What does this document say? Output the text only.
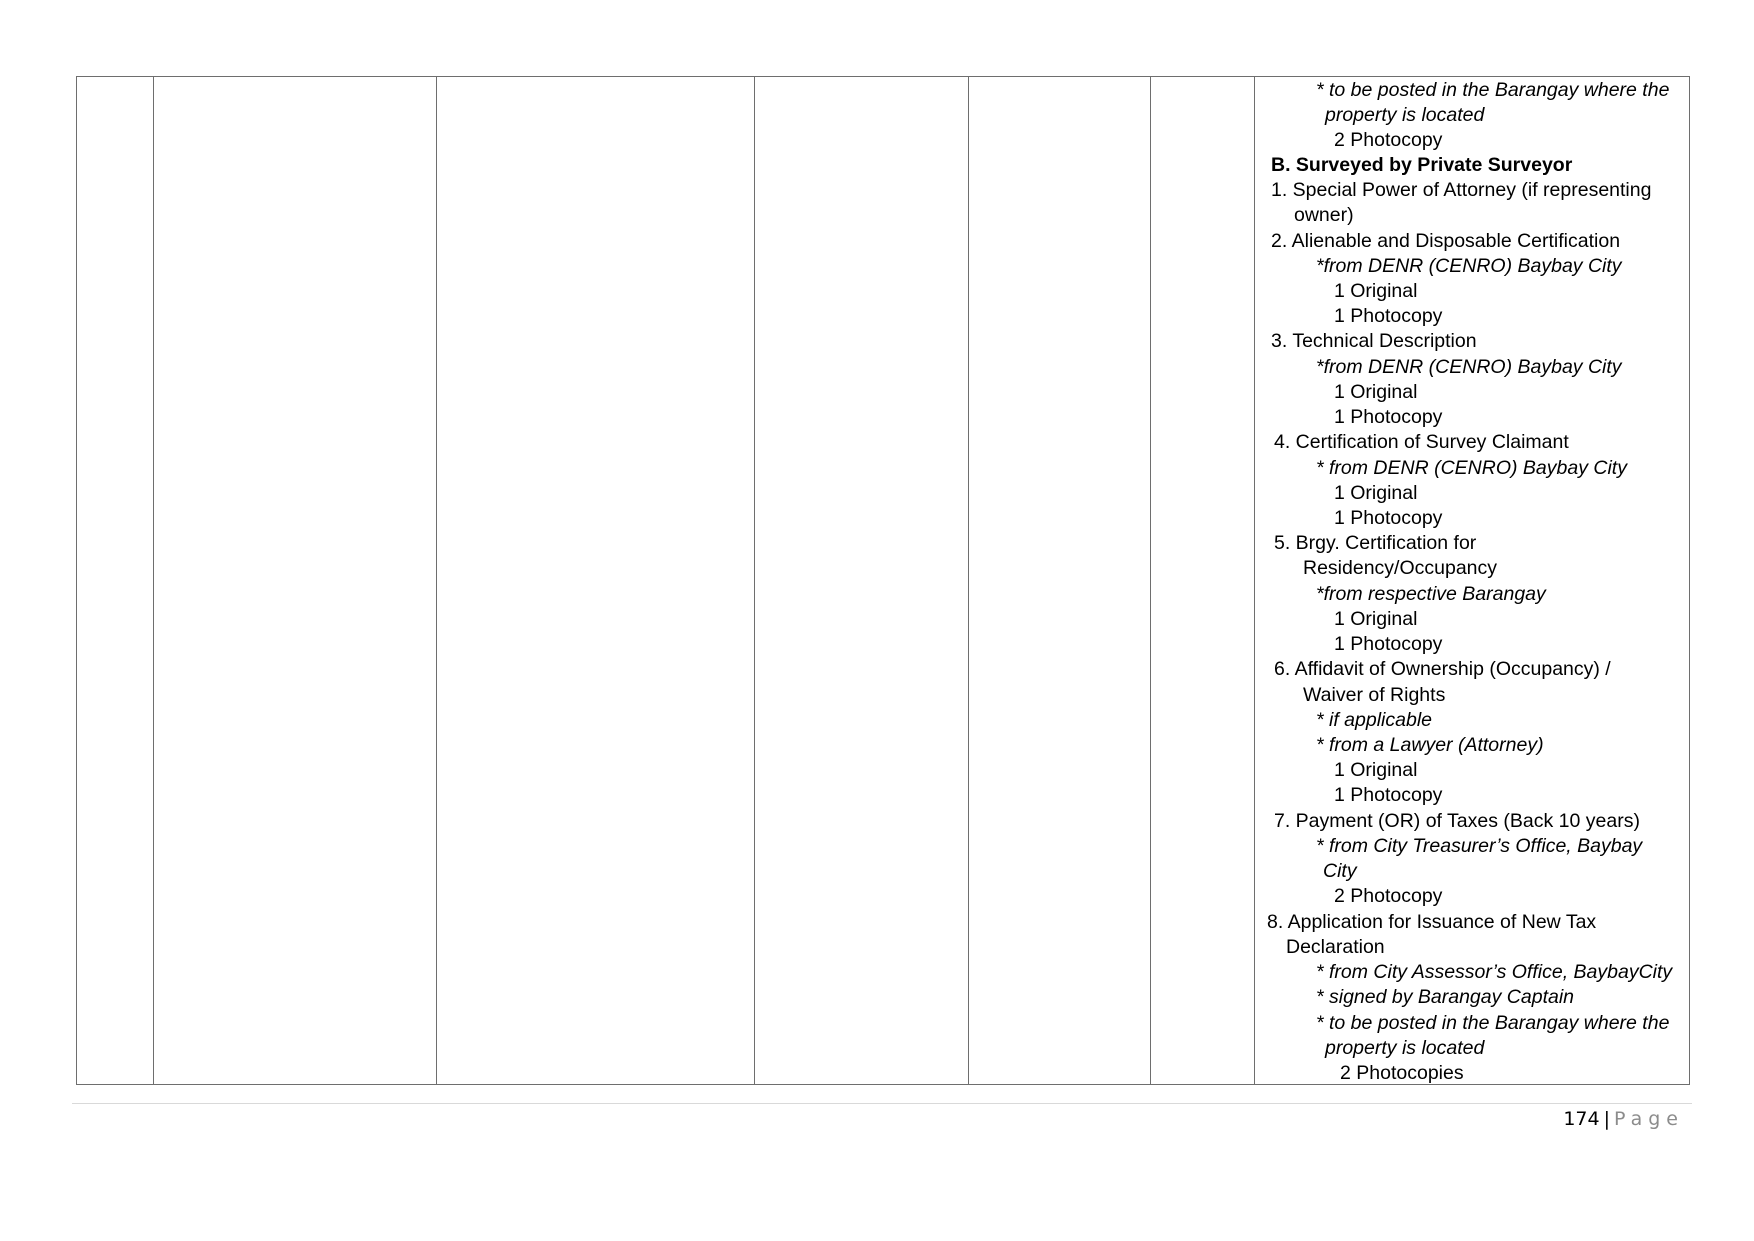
* to be posted in the Barangay where the
property is located
2 Photocopy
B. Surveyed by Private Surveyor
1. Special Power of Attorney (if representing
owner)
2. Alienable and Disposable Certification
*from DENR (CENRO) Baybay City
1 Original
1 Photocopy
3. Technical Description
*from DENR (CENRO) Baybay City
1 Original
1 Photocopy
4. Certification of Survey Claimant
* from DENR (CENRO) Baybay City
1 Original
1 Photocopy
5. Brgy. Certification for
Residency/Occupancy
*from respective Barangay
1 Original
1 Photocopy
6. Affidavit of Ownership (Occupancy) /
Waiver of Rights
* if applicable
* from a Lawyer (Attorney)
1 Original
1 Photocopy
7. Payment (OR) of Taxes (Back 10 years)
* from City Treasurer’s Office, Baybay
City
2 Photocopy
8. Application for Issuance of New Tax
Declaration
* from City Assessor’s Office, BaybayCity
* signed by Barangay Captain
* to be posted in the Barangay where the
property is located
2 Photocopies
174 | Page
